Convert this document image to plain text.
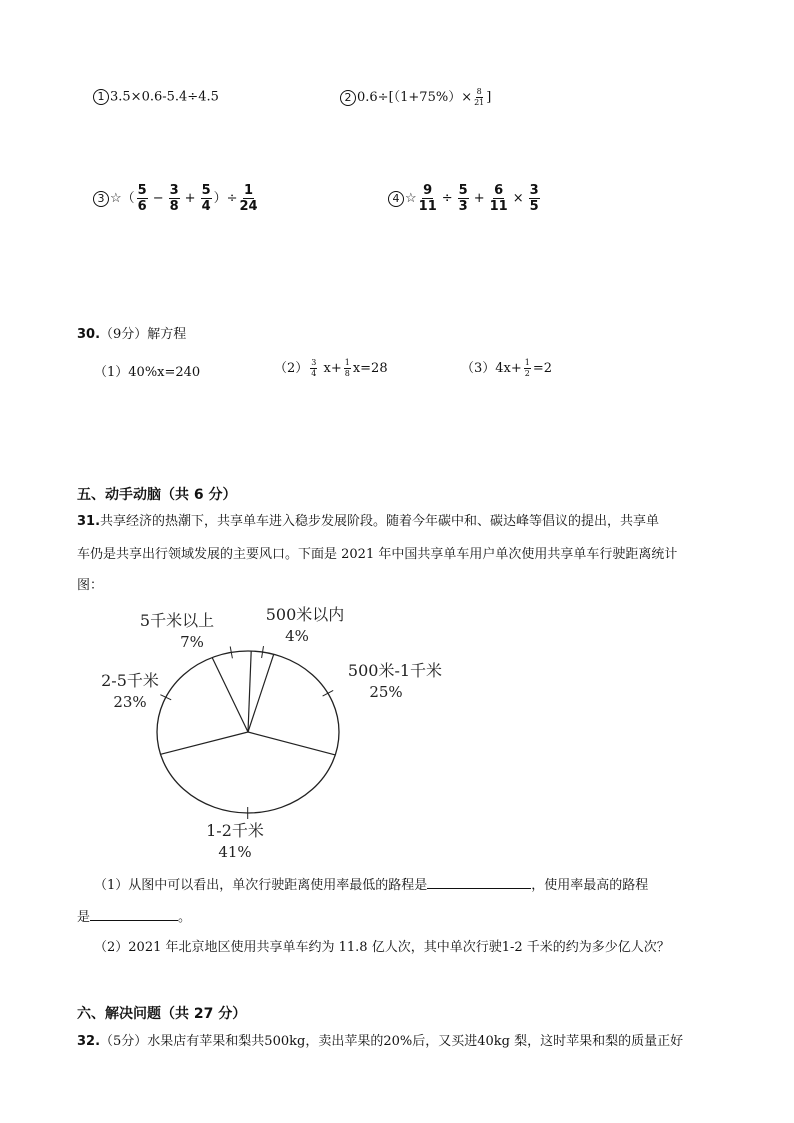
1 3.5×0.6-5.4÷4.5	2 $0.6\div[(1+75\%)\times \frac{8}{21}$ ]
3 ☆（ $\frac{5}{6} - \frac{3}{8} + \frac{5}{4}$ ）÷ $\frac{1}{24}$	4 ☆ $\frac{9}{11} \div \frac{5}{3} + \frac{6}{11} \times \frac{3}{5}$
30.（9分）解方程
（1）40%x=240	$(2) \frac{3}{4} x+ \frac{1}{8} x=28$	$(3)4x+ \frac{1}{2} =2$
五、动手动脑（共 6 分）
31.共享经济的热潮下，共享单车进入稳步发展阶段。随着今年碳中和、碳达峰等倡议的提出，共享单
车仍是共享出行领域发展的主要风口。下面是 2021 年中国共享单车用户单次使用共享单车行驶距离统计
图：
500米以内
4%
500米-1千米
25%
1-2千米
41%
2-5千米
23%
5千米以上
7%
（1）从图中可以看出，单次行驶距离使用率最低的路程是	，使用率最高的路程
是	。
（2）2021 年北京地区使用共享单车约为 11.8 亿人次，其中单次行驶1-2 千米的约为多少亿人次？
六、解决问题（共 27 分）
32.（5分）水果店有苹果和梨共500kg，卖出苹果的20%后，又买进40kg 梨，这时苹果和梨的质量正好
